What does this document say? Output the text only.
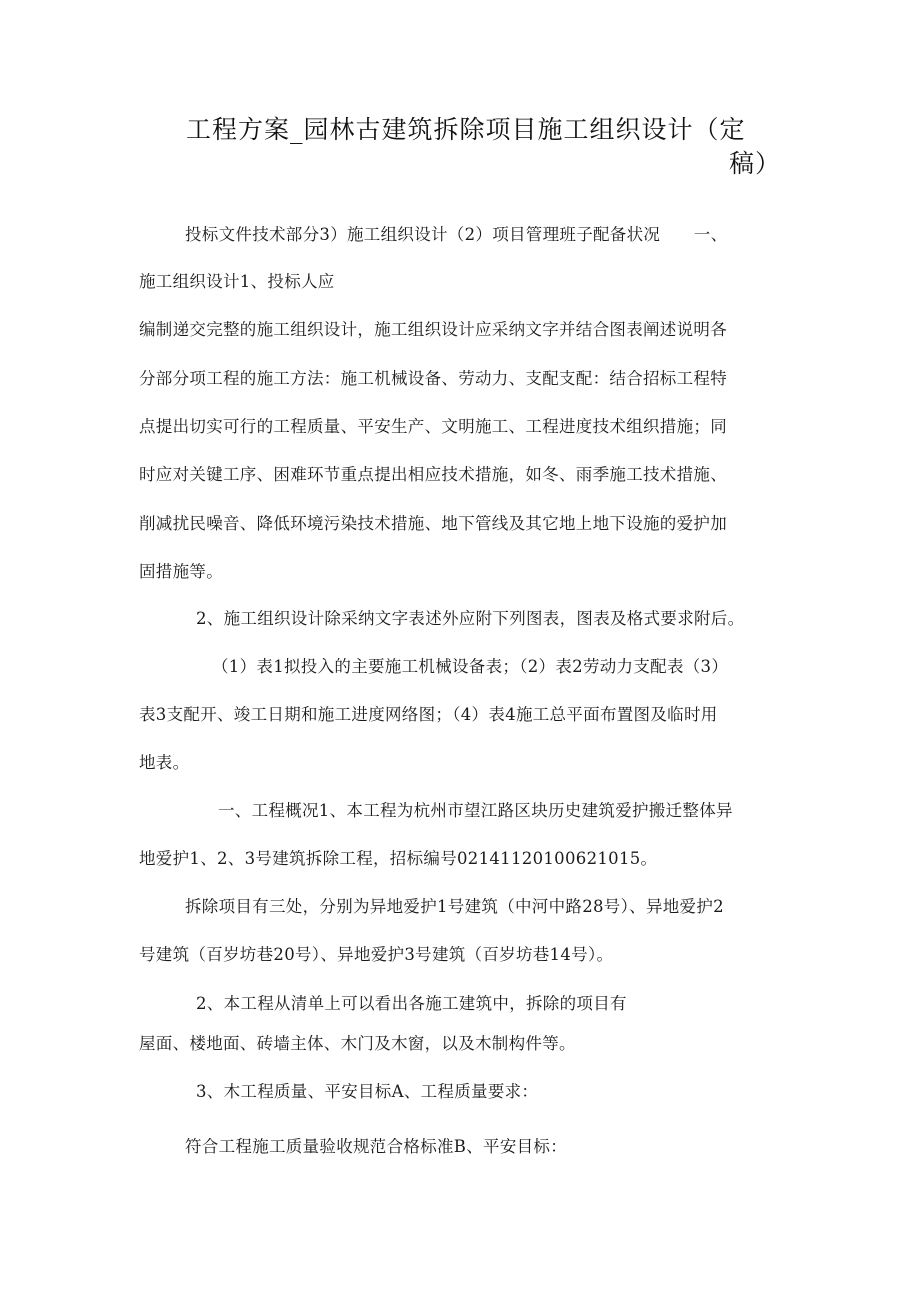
工程方案_园林古建筑拆除项目施工组织设计（定
稿）
投标文件技术部分3）施工组织设计（2）项目管理班子配备状况　　一、
施工组织设计1、投标人应
编制递交完整的施工组织设计，施工组织设计应采纳文字并结合图表阐述说明各
分部分项工程的施工方法：施工机械设备、劳动力、支配支配：结合招标工程特
点提出切实可行的工程质量、平安生产、文明施工、工程进度技术组织措施；同
时应对关键工序、困难环节重点提出相应技术措施，如冬、雨季施工技术措施、
削减扰民噪音、降低环境污染技术措施、地下管线及其它地上地下设施的爱护加
固措施等。
2、施工组织设计除采纳文字表述外应附下列图表，图表及格式要求附后。
（1）表1拟投入的主要施工机械设备表；（2）表2劳动力支配表（3）
表3支配开、竣工日期和施工进度网络图；（4）表4施工总平面布置图及临时用
地表。
一、工程概况1、本工程为杭州市望江路区块历史建筑爱护搬迁整体异
地爱护1、2、3号建筑拆除工程，招标编号02141120100621015。
拆除项目有三处，分别为异地爱护1号建筑（中河中路28号）、异地爱护2
号建筑（百岁坊巷20号）、异地爱护3号建筑（百岁坊巷14号）。
2、本工程从清单上可以看出各施工建筑中，拆除的项目有
屋面、楼地面、砖墙主体、木门及木窗，以及木制构件等。
3、木工程质量、平安目标A、工程质量要求：
符合工程施工质量验收规范合格标准B、平安目标：
